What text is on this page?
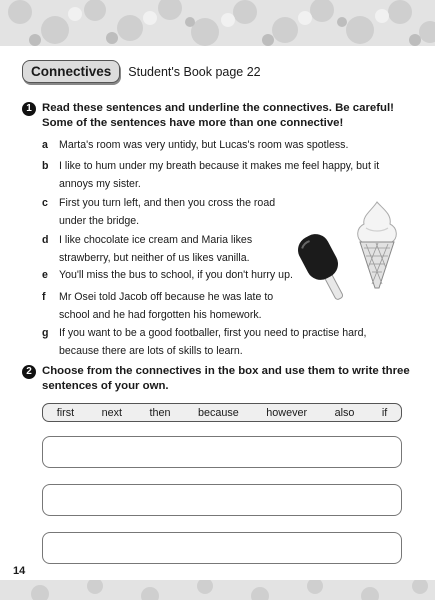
Connectives	Student's Book page 22
1 Read these sentences and underline the connectives. Be careful! Some of the sentences have more than one connective!
a	Marta's room was very untidy, but Lucas's room was spotless.
b I like to hum under my breath because it makes me feel happy, but it annoys my sister.
c	First you turn left, and then you cross the road under the bridge.
d I like chocolate ice cream and Maria likes strawberry, but neither of us likes vanilla.
e	You'll miss the bus to school, if you don't hurry up.
f	Mr Osei told Jacob off because he was late to school and he had forgotten his homework.
g If you want to be a good footballer, first you need to practise hard, because there are lots of skills to learn.
2 Choose from the connectives in the box and use them to write three sentences of your own.
first	next	then	because	however	also	if
14
